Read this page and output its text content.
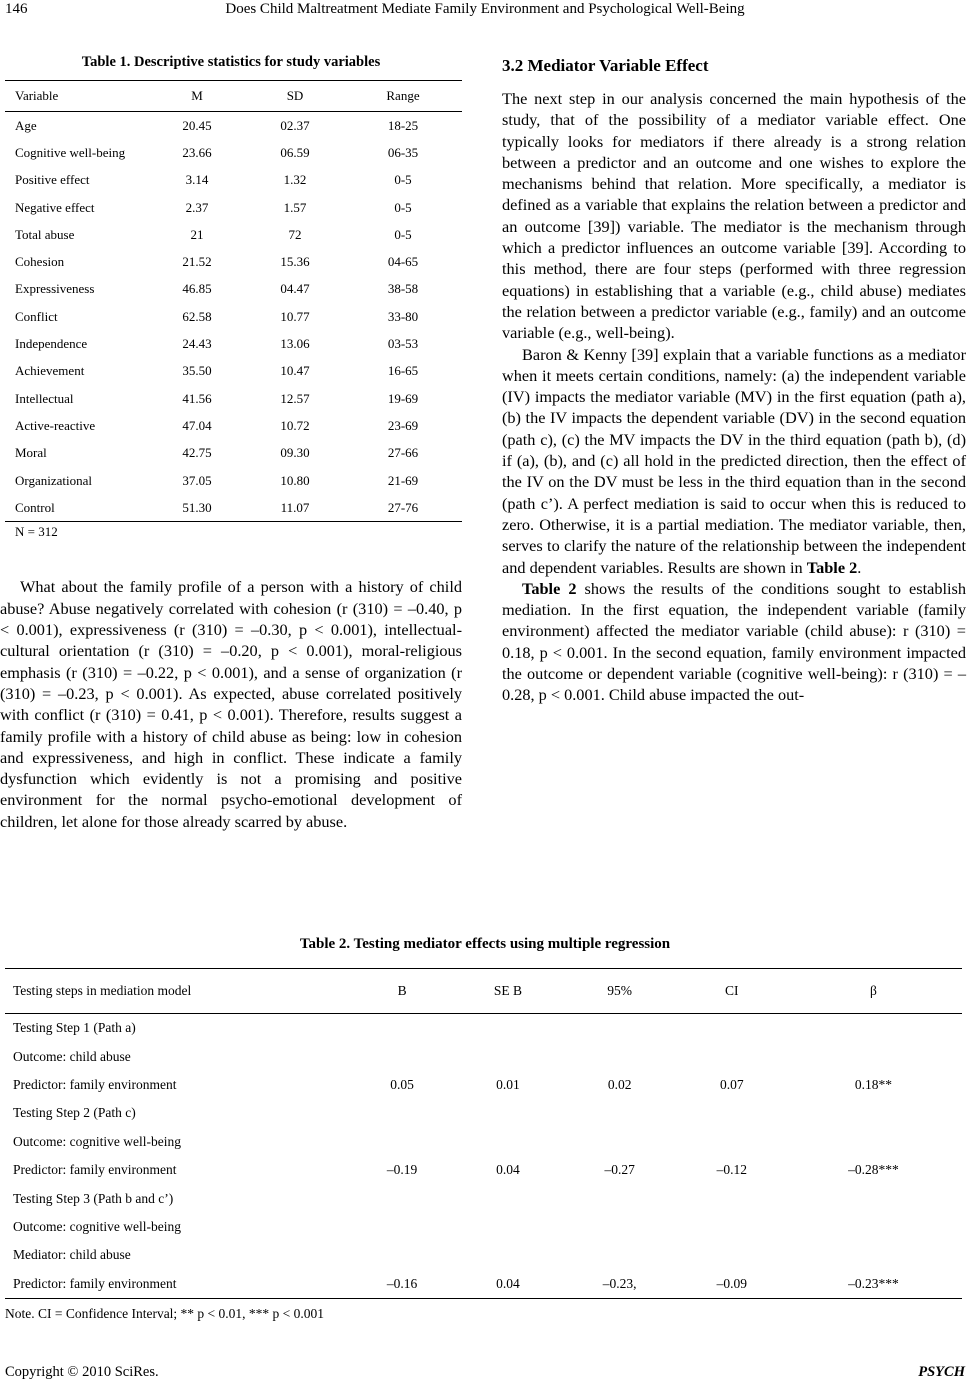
146	Does Child Maltreatment Mediate Family Environment and Psychological Well-Being
Table 1. Descriptive statistics for study variables
Variable	M	SD	Range
Age	20.45	02.37	18-25
Cognitive well-being	23.66	06.59	06-35
Positive effect	3.14	1.32	0-5
Negative effect	2.37	1.57	0-5
Total abuse	21	72	0-5
Cohesion	21.52	15.36	04-65
Expressiveness	46.85	04.47	38-58
Conflict	62.58	10.77	33-80
Independence	24.43	13.06	03-53
Achievement	35.50	10.47	16-65
Intellectual	41.56	12.57	19-69
Active-reactive	47.04	10.72	23-69
Moral	42.75	09.30	27-66
Organizational	37.05	10.80	21-69
Control	51.30	11.07	27-76
N = 312

What about the family profile of a person with a history of child abuse? Abuse negatively correlated with cohesion (r (310) = –0.40, p < 0.001), expressiveness (r (310) = –0.30, p < 0.001), intellectual-cultural orientation (r (310) = –0.20, p < 0.001), moral-religious emphasis (r (310) = –0.22, p < 0.001), and a sense of organization (r (310) = –0.23, p < 0.001). As expected, abuse correlated positively with conflict (r (310) = 0.41, p < 0.001). Therefore, results suggest a family profile with a history of child abuse as being: low in cohesion and expressiveness, and high in conflict. These indicate a family dysfunction which evidently is not a promising and positive environment for the normal psycho-emotional development of children, let alone for those already scarred by abuse.

3.2 Mediator Variable Effect

The next step in our analysis concerned the main hypothesis of the study, that of the possibility of a mediator variable effect. One typically looks for mediators if there already is a strong relation between a predictor and an outcome and one wishes to explore the mechanisms behind that relation. More specifically, a mediator is defined as a variable that explains the relation between a predictor and an outcome [39]) variable. The mediator is the mechanism through which a predictor influences an outcome variable [39]. According to this method, there are four steps (performed with three regression equations) in establishing that a variable (e.g., child abuse) mediates the relation between a predictor variable (e.g., family) and an outcome variable (e.g., well-being).

Baron & Kenny [39] explain that a variable functions as a mediator when it meets certain conditions, namely: (a) the independent variable (IV) impacts the mediator variable (MV) in the first equation (path a), (b) the IV impacts the dependent variable (DV) in the second equation (path c), (c) the MV impacts the DV in the third equation (path b), (d) if (a), (b), and (c) all hold in the predicted direction, then the effect of the IV on the DV must be less in the third equation than in the second (path c’). A perfect mediation is said to occur when this is reduced to zero. Otherwise, it is a partial mediation. The mediator variable, then, serves to clarify the nature of the relationship between the independent and dependent variables. Results are shown in Table 2.

Table 2 shows the results of the conditions sought to establish mediation. In the first equation, the independent variable (family environment) affected the mediator variable (child abuse): r (310) = 0.18, p < 0.001. In the second equation, family environment impacted the outcome or dependent variable (cognitive well-being): r (310) = –0.28, p < 0.001. Child abuse impacted the out-

Table 2. Testing mediator effects using multiple regression
Testing steps in mediation model	B	SE B	95%	CI	β
Testing Step 1 (Path a)					
Outcome: child abuse					
Predictor: family environment	0.05	0.01	0.02	0.07	0.18**
Testing Step 2 (Path c)					
Outcome: cognitive well-being					
Predictor: family environment	–0.19	0.04	–0.27	–0.12	–0.28***
Testing Step 3 (Path b and c’)					
Outcome: cognitive well-being					
Mediator: child abuse					
Predictor: family environment	–0.16	0.04	–0.23,	–0.09	–0.23***
Note. CI = Confidence Interval; ** p < 0.01, *** p < 0.001
Copyright © 2010 SciRes.	PSYCH
